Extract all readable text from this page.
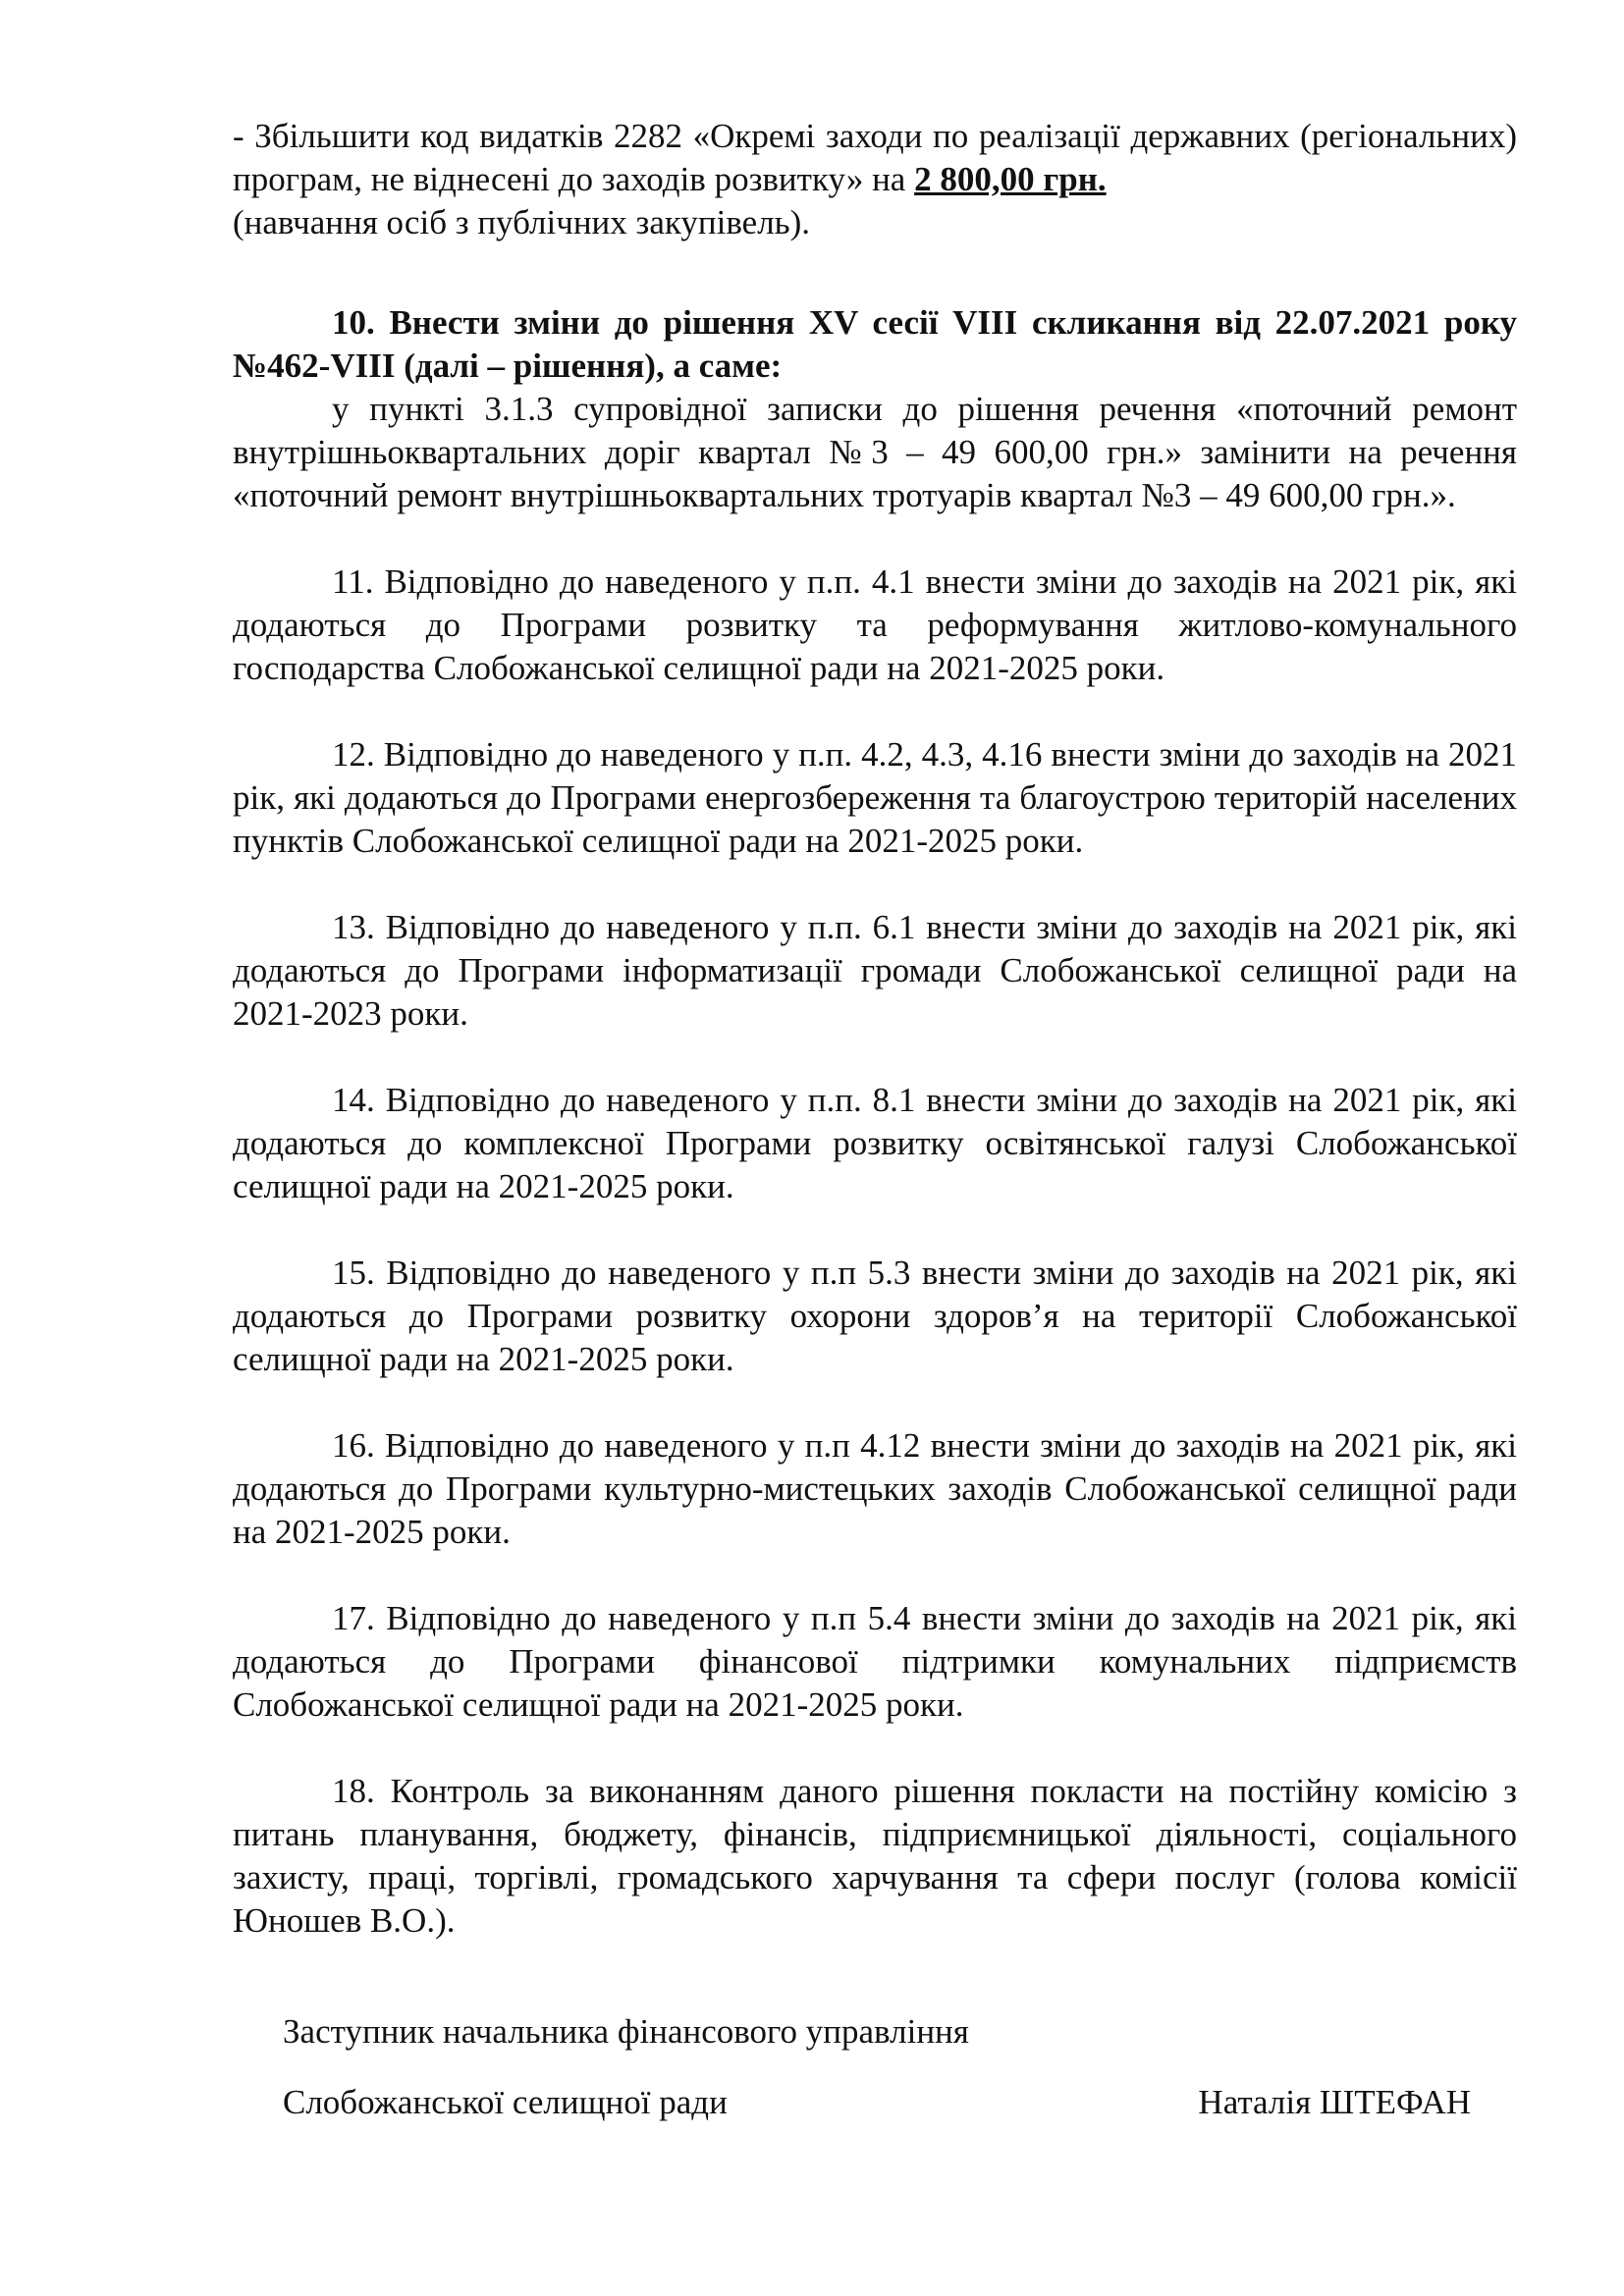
- Збільшити код видатків 2282 «Окремі заходи по реалізації державних (регіональних) програм, не віднесені до заходів розвитку» на 2 800,00 грн.
(навчання осіб з публічних закупівель).

10. Внести зміни до рішення XV сесії VIII скликання від 22.07.2021 року №462-VIII (далі – рішення), а саме:

у пункті 3.1.3 супровідної записки до рішення речення «поточний ремонт внутрішньоквартальних доріг квартал №3 – 49 600,00 грн.» замінити на речення «поточний ремонт внутрішньоквартальних тротуарів квартал №3 – 49 600,00 грн.».

11. Відповідно до наведеного у п.п. 4.1 внести зміни до заходів на 2021 рік, які додаються до Програми розвитку та реформування житлово-комунального господарства Слобожанської селищної ради на 2021-2025 роки.

12. Відповідно до наведеного у п.п. 4.2, 4.3, 4.16 внести зміни до заходів на 2021 рік, які додаються до Програми енергозбереження та благоустрою територій населених пунктів Слобожанської селищної ради на 2021-2025 роки.

13. Відповідно до наведеного у п.п. 6.1 внести зміни до заходів на 2021 рік, які додаються до Програми інформатизації громади Слобожанської селищної ради на 2021-2023 роки.

14. Відповідно до наведеного у п.п. 8.1 внести зміни до заходів на 2021 рік, які додаються до комплексної Програми розвитку освітянської галузі Слобожанської селищної ради на 2021-2025 роки.

15. Відповідно до наведеного у п.п 5.3 внести зміни до заходів на 2021 рік, які додаються до Програми розвитку охорони здоров’я на території Слобожанської селищної ради на 2021-2025 роки.

16. Відповідно до наведеного у п.п 4.12 внести зміни до заходів на 2021 рік, які додаються до Програми культурно-мистецьких заходів Слобожанської селищної ради на 2021-2025 роки.

17. Відповідно до наведеного у п.п 5.4 внести зміни до заходів на 2021 рік, які додаються до Програми фінансової підтримки комунальних підприємств Слобожанської селищної ради на 2021-2025 роки.

18. Контроль за виконанням даного рішення покласти на постійну комісію з питань планування, бюджету, фінансів, підприємницької діяльності, соціального захисту, праці, торгівлі, громадського харчування та сфери послуг (голова комісії Юношев В.О.).

Заступник начальника фінансового управління
Слобожанської селищної ради	Наталія ШТЕФАН
